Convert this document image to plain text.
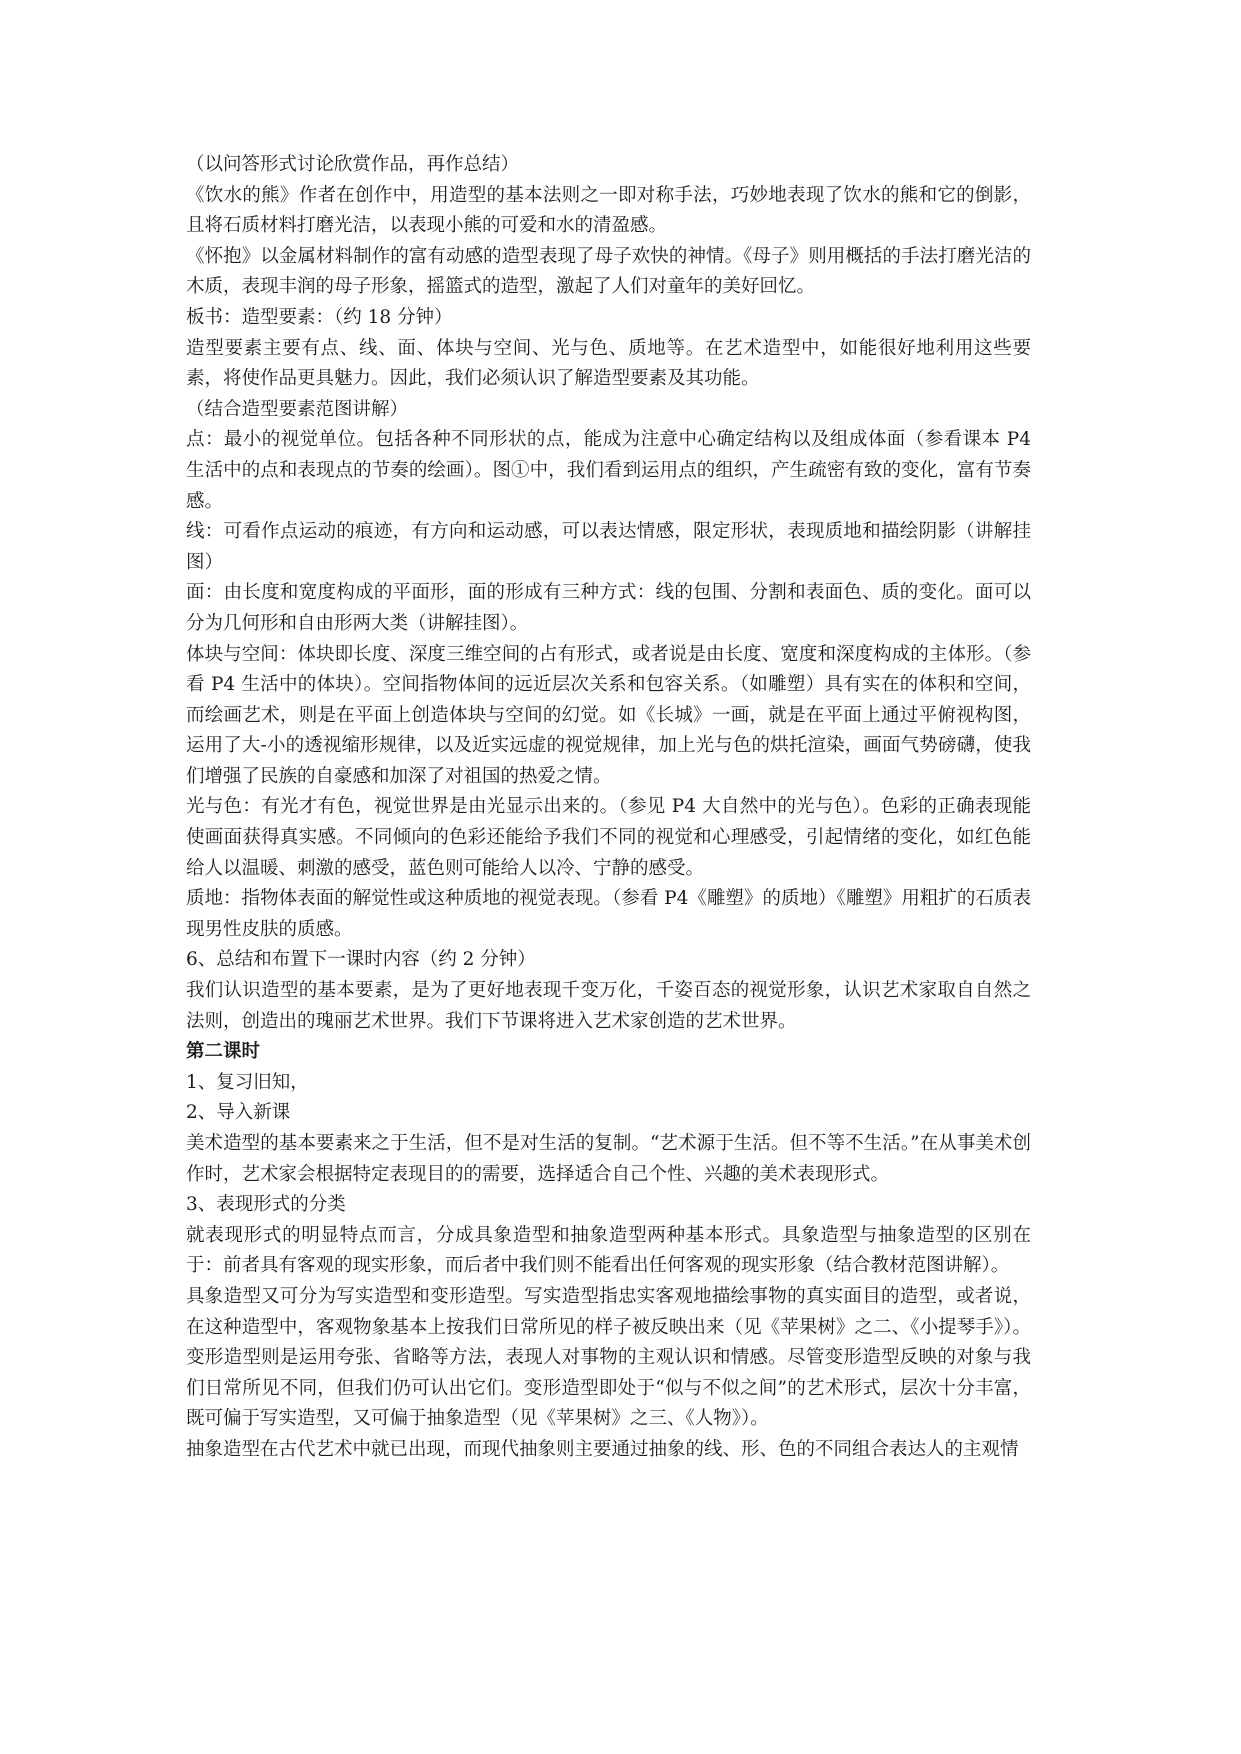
（以问答形式讨论欣赏作品，再作总结）

《饮水的熊》作者在创作中，用造型的基本法则之一即对称手法，巧妙地表现了饮水的熊和它的倒影，且将石质材料打磨光洁，以表现小熊的可爱和水的清盈感。

《怀抱》以金属材料制作的富有动感的造型表现了母子欢快的神情。《母子》则用概括的手法打磨光洁的木质，表现丰润的母子形象，摇篮式的造型，激起了人们对童年的美好回忆。

板书：造型要素：（约 18 分钟）

造型要素主要有点、线、面、体块与空间、光与色、质地等。在艺术造型中，如能很好地利用这些要素，将使作品更具魅力。因此，我们必须认识了解造型要素及其功能。

（结合造型要素范图讲解）

点：最小的视觉单位。包括各种不同形状的点，能成为注意中心确定结构以及组成体面（参看课本 P4 生活中的点和表现点的节奏的绘画）。图①中，我们看到运用点的组织，产生疏密有致的变化，富有节奏感。

线：可看作点运动的痕迹，有方向和运动感，可以表达情感，限定形状，表现质地和描绘阴影（讲解挂图）

面：由长度和宽度构成的平面形，面的形成有三种方式：线的包围、分割和表面色、质的变化。面可以分为几何形和自由形两大类（讲解挂图）。

体块与空间：体块即长度、深度三维空间的占有形式，或者说是由长度、宽度和深度构成的主体形。（参看 P4 生活中的体块）。空间指物体间的远近层次关系和包容关系。（如雕塑）具有实在的体积和空间，而绘画艺术，则是在平面上创造体块与空间的幻觉。如《长城》一画，就是在平面上通过平俯视构图，运用了大-小的透视缩形规律，以及近实远虚的视觉规律，加上光与色的烘托渲染，画面气势磅礴，使我们增强了民族的自豪感和加深了对祖国的热爱之情。

光与色：有光才有色，视觉世界是由光显示出来的。（参见 P4 大自然中的光与色）。色彩的正确表现能使画面获得真实感。不同倾向的色彩还能给予我们不同的视觉和心理感受，引起情绪的变化，如红色能给人以温暖、刺激的感受，蓝色则可能给人以冷、宁静的感受。

质地：指物体表面的解觉性或这种质地的视觉表现。（参看 P4《雕塑》的质地）《雕塑》用粗扩的石质表现男性皮肤的质感。

6、总结和布置下一课时内容（约 2 分钟）

我们认识造型的基本要素，是为了更好地表现千变万化，千姿百态的视觉形象，认识艺术家取自自然之法则，创造出的瑰丽艺术世界。我们下节课将进入艺术家创造的艺术世界。

第二课时

1、复习旧知，

2、导入新课

美术造型的基本要素来之于生活，但不是对生活的复制。“艺术源于生活。但不等不生活。”在从事美术创作时，艺术家会根据特定表现目的的需要，选择适合自己个性、兴趣的美术表现形式。

3、表现形式的分类

就表现形式的明显特点而言，分成具象造型和抽象造型两种基本形式。具象造型与抽象造型的区别在于：前者具有客观的现实形象，而后者中我们则不能看出任何客观的现实形象（结合教材范图讲解）。

具象造型又可分为写实造型和变形造型。写实造型指忠实客观地描绘事物的真实面目的造型，或者说，在这种造型中，客观物象基本上按我们日常所见的样子被反映出来（见《苹果树》之二、《小提琴手》）。变形造型则是运用夸张、省略等方法，表现人对事物的主观认识和情感。尽管变形造型反映的对象与我们日常所见不同，但我们仍可认出它们。变形造型即处于“似与不似之间”的艺术形式，层次十分丰富，既可偏于写实造型，又可偏于抽象造型（见《苹果树》之三、《人物》）。

抽象造型在古代艺术中就已出现，而现代抽象则主要通过抽象的线、形、色的不同组合表达人的主观情
